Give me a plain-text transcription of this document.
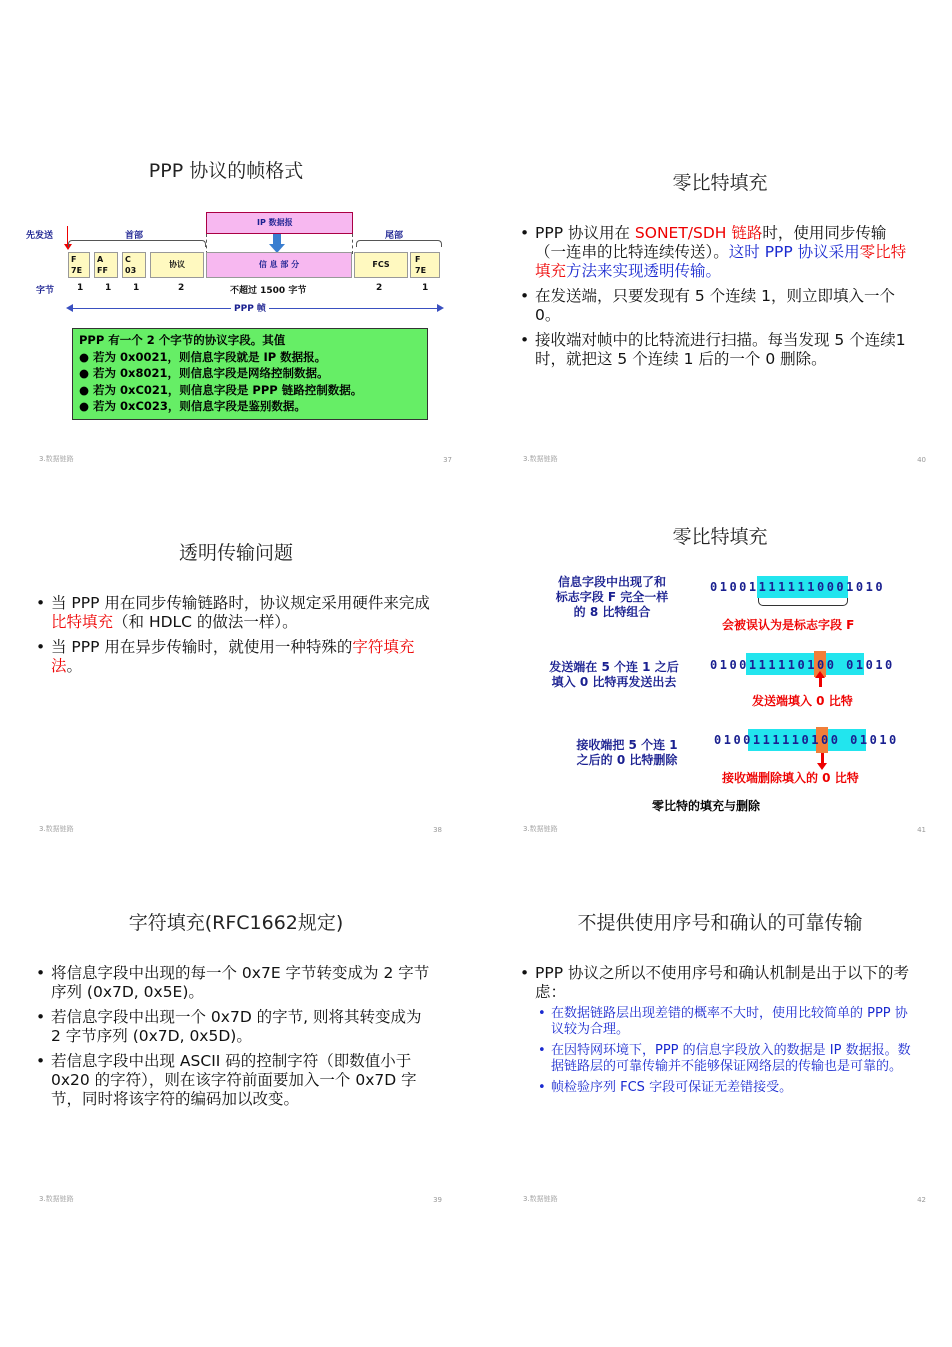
PPP 协议的帧格式
IP 数据报
先发送	首部	尾部
F
7E
A
FF
C
03
协议	信 息 部 分	FCS
F
7E
字节	1 1 1	2	不超过 1500 字节	2	1
PPP 帧
PPP 有一个 2 个字节的协议字段。其值
● 若为 0x0021，则信息字段就是 IP 数据报。
● 若为 0x8021，则信息字段是网络控制数据。
● 若为 0xC021，则信息字段是 PPP 链路控制数据。
● 若为 0xC023，则信息字段是鉴别数据。
3.数据链路	37
零比特填充
• PPP 协议用在 SONET/SDH 链路时，使用同步传输（一连串的比特连续传送）。这时 PPP 协议采用零比特填充方法来实现透明传输。
• 在发送端，只要发现有 5 个连续 1，则立即填入一个 0。
• 接收端对帧中的比特流进行扫描。每当发现 5 个连续1时，就把这 5 个连续 1 后的一个 0 删除。
3.数据链路	40
透明传输问题
• 当 PPP 用在同步传输链路时，协议规定采用硬件来完成比特填充（和 HDLC 的做法一样）。
• 当 PPP 用在异步传输时，就使用一种特殊的字符填充法。
3.数据链路	38
零比特填充
信息字段中出现了和
标志字段 F 完全一样
的 8 比特组合
010011111110001010
会被误认为是标志字段 F
发送端在 5 个连 1 之后
填入 0 比特再发送出去
0100111110100 01010
发送端填入 0 比特
接收端把 5 个连 1
之后的 0 比特删除
0100111110100 01010
接收端删除填入的 0 比特
零比特的填充与删除
3.数据链路	41
字符填充(RFC1662规定)
• 将信息字段中出现的每一个 0x7E 字节转变成为 2 字节序列 (0x7D, 0x5E)。
• 若信息字段中出现一个 0x7D 的字节, 则将其转变成为 2 字节序列 (0x7D, 0x5D)。
• 若信息字段中出现 ASCII 码的控制字符（即数值小于 0x20 的字符），则在该字符前面要加入一个 0x7D 字节，同时将该字符的编码加以改变。
3.数据链路	39
不提供使用序号和确认的可靠传输
• PPP 协议之所以不使用序号和确认机制是出于以下的考虑：
• 在数据链路层出现差错的概率不大时，使用比较简单的 PPP 协议较为合理。
• 在因特网环境下，PPP 的信息字段放入的数据是 IP 数据报。数据链路层的可靠传输并不能够保证网络层的传输也是可靠的。
• 帧检验序列 FCS 字段可保证无差错接受。
3.数据链路	42
